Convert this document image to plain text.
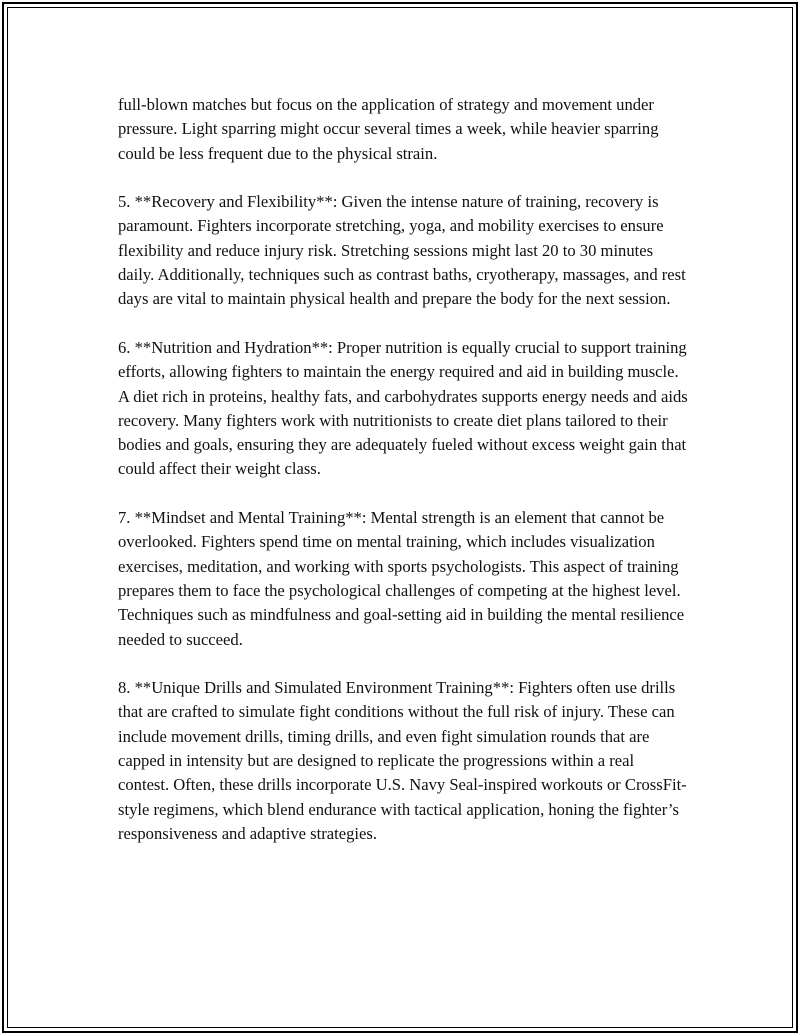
full-blown matches but focus on the application of strategy and movement under pressure. Light sparring might occur several times a week, while heavier sparring could be less frequent due to the physical strain.

5. **Recovery and Flexibility**: Given the intense nature of training, recovery is paramount. Fighters incorporate stretching, yoga, and mobility exercises to ensure flexibility and reduce injury risk. Stretching sessions might last 20 to 30 minutes daily. Additionally, techniques such as contrast baths, cryotherapy, massages, and rest days are vital to maintain physical health and prepare the body for the next session.

6. **Nutrition and Hydration**: Proper nutrition is equally crucial to support training efforts, allowing fighters to maintain the energy required and aid in building muscle. A diet rich in proteins, healthy fats, and carbohydrates supports energy needs and aids recovery. Many fighters work with nutritionists to create diet plans tailored to their bodies and goals, ensuring they are adequately fueled without excess weight gain that could affect their weight class.

7. **Mindset and Mental Training**: Mental strength is an element that cannot be overlooked. Fighters spend time on mental training, which includes visualization exercises, meditation, and working with sports psychologists. This aspect of training prepares them to face the psychological challenges of competing at the highest level. Techniques such as mindfulness and goal-setting aid in building the mental resilience needed to succeed.

8. **Unique Drills and Simulated Environment Training**: Fighters often use drills that are crafted to simulate fight conditions without the full risk of injury. These can include movement drills, timing drills, and even fight simulation rounds that are capped in intensity but are designed to replicate the progressions within a real contest. Often, these drills incorporate U.S. Navy Seal-inspired workouts or CrossFit-style regimens, which blend endurance with tactical application, honing the fighter’s responsiveness and adaptive strategies.
